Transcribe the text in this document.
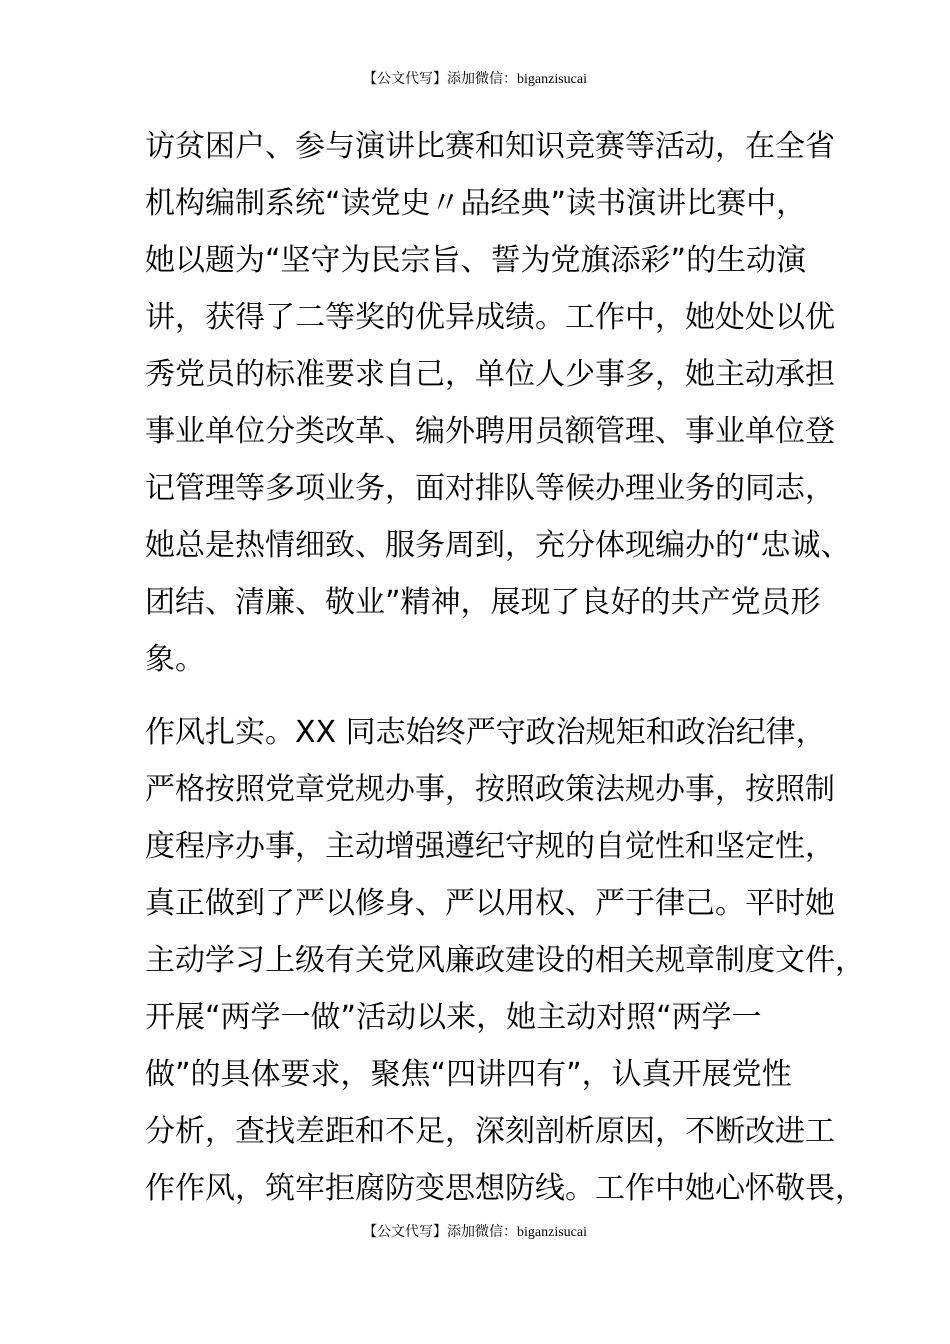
【公文代写】添加微信：biganzisucai
访贫困户、参与演讲比赛和知识竞赛等活动，在全省
机构编制系统“读党史〃品经典”读书演讲比赛中，
她以题为“坚守为民宗旨、誓为党旗添彩”的生动演
讲，获得了二等奖的优异成绩。工作中，她处处以优
秀党员的标准要求自己，单位人少事多，她主动承担
事业单位分类改革、编外聘用员额管理、事业单位登
记管理等多项业务，面对排队等候办理业务的同志，
她总是热情细致、服务周到，充分体现编办的“忠诚、
团结、清廉、敬业”精神，展现了良好的共产党员形
象。
作风扎实。XX 同志始终严守政治规矩和政治纪律，
严格按照党章党规办事，按照政策法规办事，按照制
度程序办事，主动增强遵纪守规的自觉性和坚定性，
真正做到了严以修身、严以用权、严于律己。平时她
主动学习上级有关党风廉政建设的相关规章制度文件，
开展“两学一做”活动以来，她主动对照“两学一
做”的具体要求，聚焦“四讲四有”，认真开展党性
分析，查找差距和不足，深刻剖析原因，不断改进工
作作风，筑牢拒腐防变思想防线。工作中她心怀敬畏，
【公文代写】添加微信：biganzisucai
